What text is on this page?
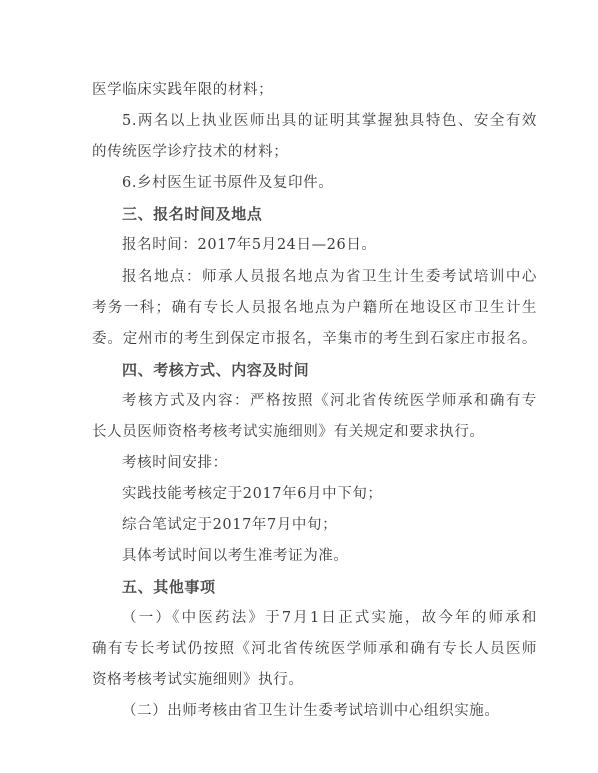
医学临床实践年限的材料；
5.两名以上执业医师出具的证明其掌握独具特色、安全有效
的传统医学诊疗技术的材料；
6.乡村医生证书原件及复印件。
三、报名时间及地点
报名时间：2017年5月24日—26日。
报名地点：师承人员报名地点为省卫生计生委考试培训中心
考务一科；确有专长人员报名地点为户籍所在地设区市卫生计生
委。定州市的考生到保定市报名，辛集市的考生到石家庄市报名。
四、考核方式、内容及时间
考核方式及内容：严格按照《河北省传统医学师承和确有专
长人员医师资格考核考试实施细则》有关规定和要求执行。
考核时间安排：
实践技能考核定于2017年6月中下旬；
综合笔试定于2017年7月中旬；
具体考试时间以考生准考证为准。
五、其他事项
（一）《中医药法》于7月1日正式实施，故今年的师承和
确有专长考试仍按照《河北省传统医学师承和确有专长人员医师
资格考核考试实施细则》执行。
（二）出师考核由省卫生计生委考试培训中心组织实施。
